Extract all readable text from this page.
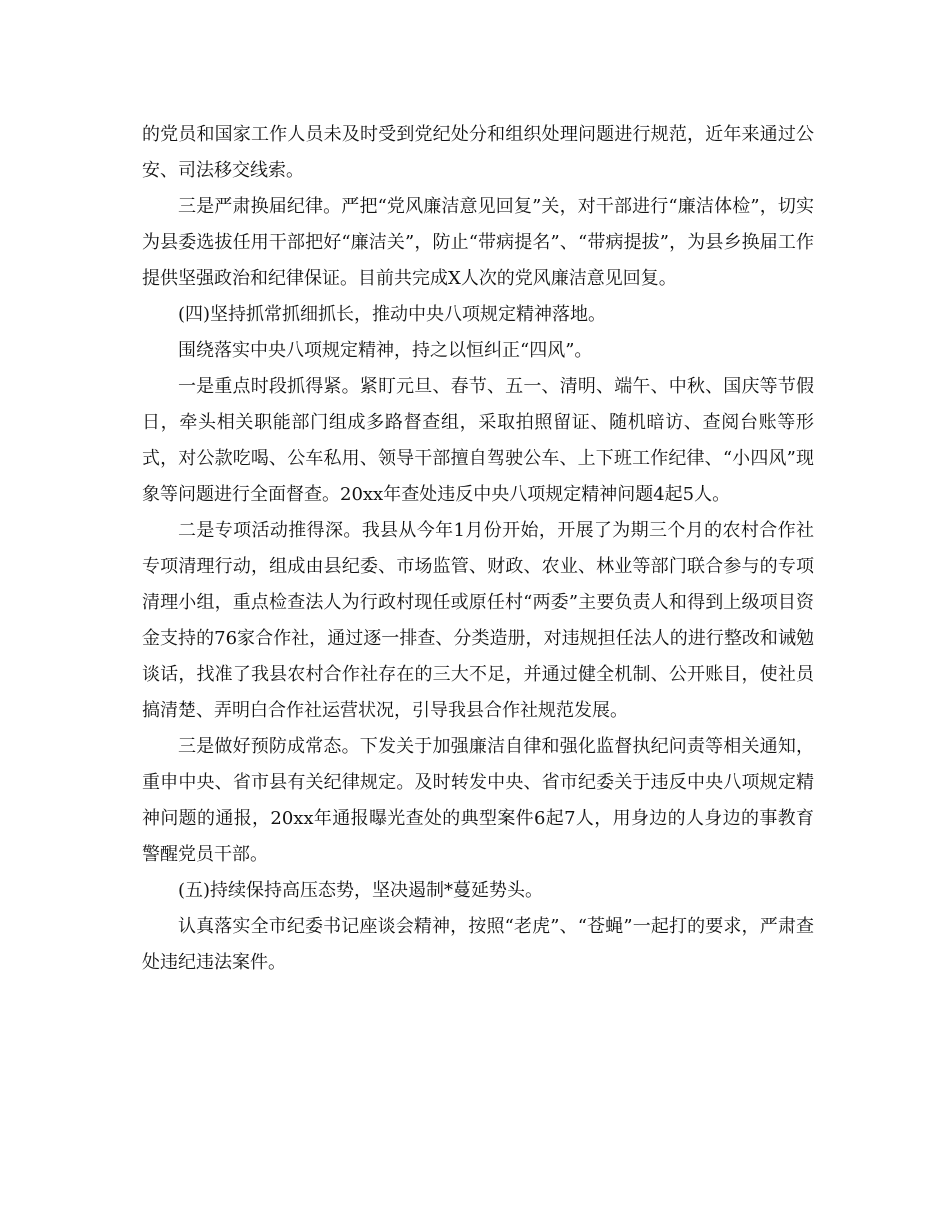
的党员和国家工作人员未及时受到党纪处分和组织处理问题进行规范，近年来通过公安、司法移交线索。

三是严肃换届纪律。严把“党风廉洁意见回复”关，对干部进行“廉洁体检”，切实为县委选拔任用干部把好“廉洁关”，防止“带病提名”、“带病提拔”，为县乡换届工作提供坚强政治和纪律保证。目前共完成X人次的党风廉洁意见回复。

(四)坚持抓常抓细抓长，推动中央八项规定精神落地。

围绕落实中央八项规定精神，持之以恒纠正“四风”。

一是重点时段抓得紧。紧盯元旦、春节、五一、清明、端午、中秋、国庆等节假日，牵头相关职能部门组成多路督查组，采取拍照留证、随机暗访、查阅台账等形式，对公款吃喝、公车私用、领导干部擅自驾驶公车、上下班工作纪律、“小四风”现象等问题进行全面督查。20xx年查处违反中央八项规定精神问题4起5人。

二是专项活动推得深。我县从今年1月份开始，开展了为期三个月的农村合作社专项清理行动，组成由县纪委、市场监管、财政、农业、林业等部门联合参与的专项清理小组，重点检查法人为行政村现任或原任村“两委”主要负责人和得到上级项目资金支持的76家合作社，通过逐一排查、分类造册，对违规担任法人的进行整改和诫勉谈话，找准了我县农村合作社存在的三大不足，并通过健全机制、公开账目，使社员搞清楚、弄明白合作社运营状况，引导我县合作社规范发展。

三是做好预防成常态。下发关于加强廉洁自律和强化监督执纪问责等相关通知，重申中央、省市县有关纪律规定。及时转发中央、省市纪委关于违反中央八项规定精神问题的通报，20xx年通报曝光查处的典型案件6起7人，用身边的人身边的事教育警醒党员干部。

(五)持续保持高压态势，坚决遏制*蔓延势头。

认真落实全市纪委书记座谈会精神，按照“老虎”、“苍蝇”一起打的要求，严肃查处违纪违法案件。
